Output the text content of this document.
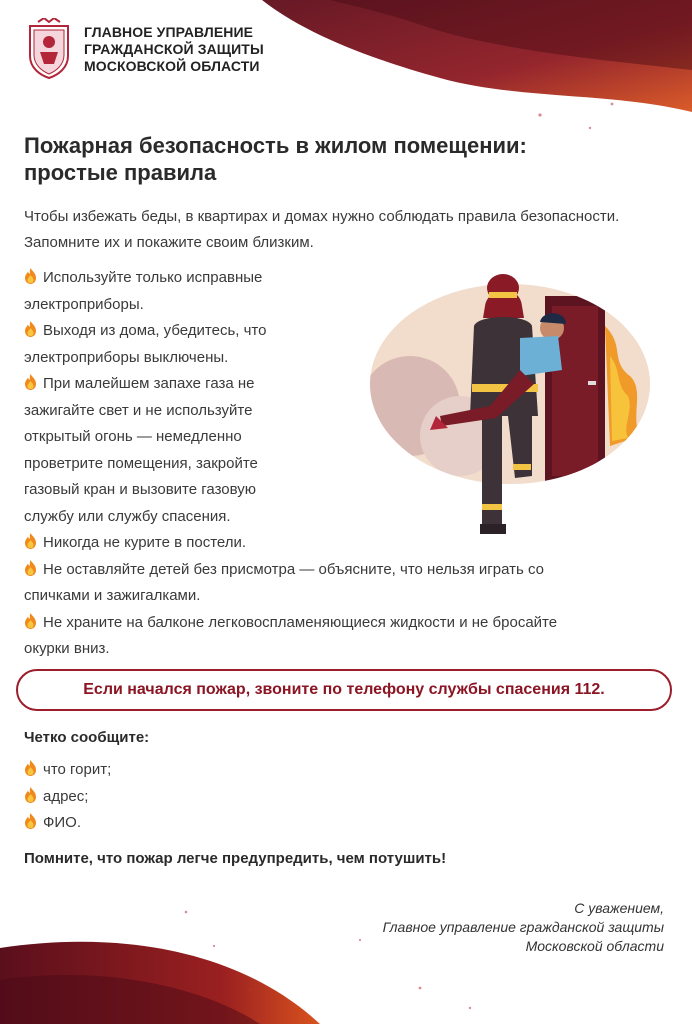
ГЛАВНОЕ УПРАВЛЕНИЕ
ГРАЖДАНСКОЙ ЗАЩИТЫ
МОСКОВСКОЙ ОБЛАСТИ
Пожарная безопасность в жилом помещении:
простые правила
Чтобы избежать беды, в квартирах и домах нужно соблюдать правила безопасности. Запомните их и покажите своим близким.
Используйте только исправные
электроприборы.
Выходя из дома, убедитесь, что
электроприборы выключены.
При малейшем запахе газа не
зажигайте свет и не используйте
открытый огонь — немедленно
проветрите помещения, закройте
газовый кран и вызовите газовую
службу или службу спасения.
Никогда не курите в постели.
Не оставляйте детей без присмотра — объясните, что нельзя играть со
спичками и зажигалками.
Не храните на балконе легковоспламеняющиеся жидкости и не бросайте
окурки вниз.
Если начался пожар, звоните по телефону службы спасения 112.
Четко сообщите:
что горит;
адрес;
ФИО.
Помните, что пожар легче предупредить, чем потушить!
С уважением,
Главное управление гражданской защиты
Московской области
